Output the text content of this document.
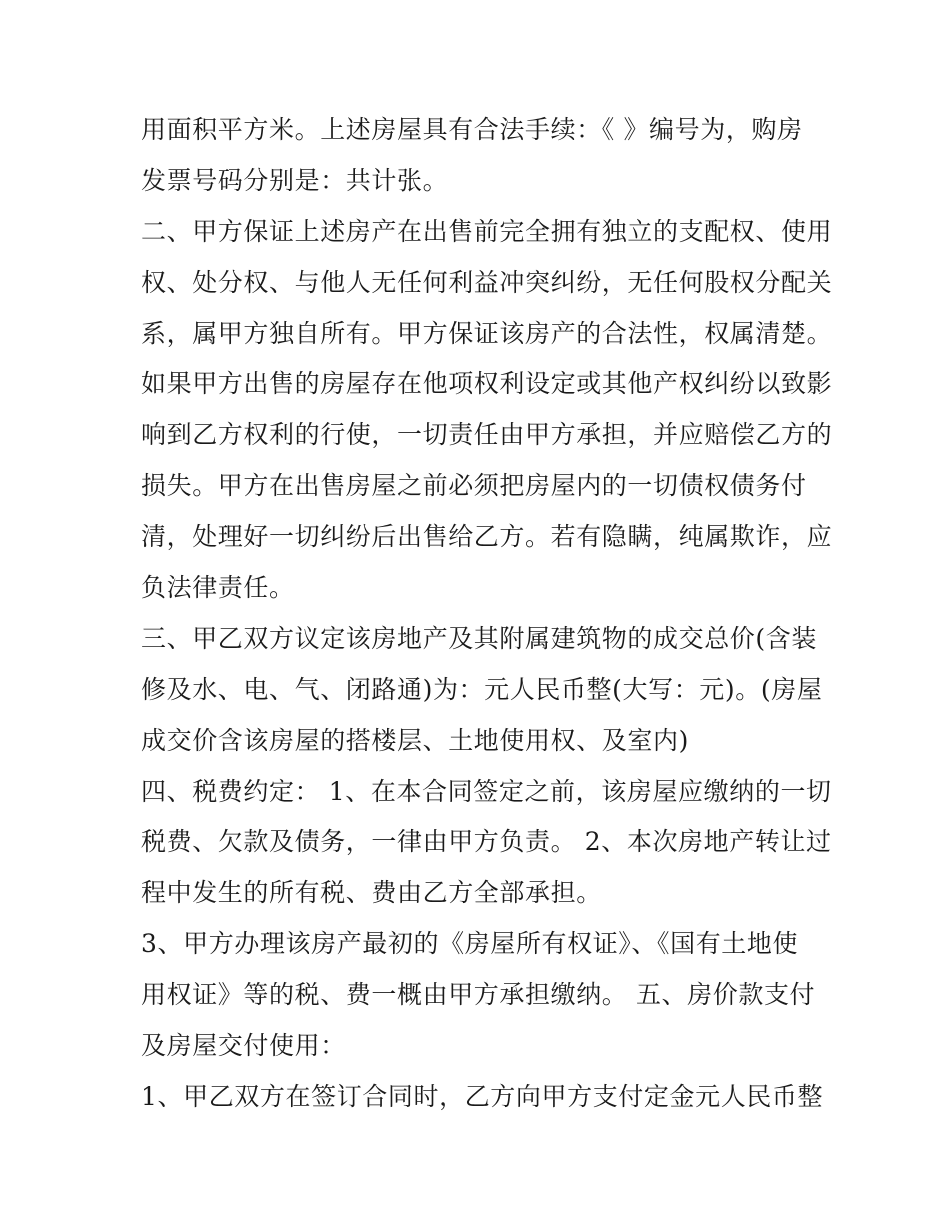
用面积平方米。上述房屋具有合法手续：《 》编号为，购房
发票号码分别是：共计张。
二、甲方保证上述房产在出售前完全拥有独立的支配权、使用
权、处分权、与他人无任何利益冲突纠纷，无任何股权分配关
系，属甲方独自所有。甲方保证该房产的合法性，权属清楚。
如果甲方出售的房屋存在他项权利设定或其他产权纠纷以致影
响到乙方权利的行使，一切责任由甲方承担，并应赔偿乙方的
损失。甲方在出售房屋之前必须把房屋内的一切债权债务付
清，处理好一切纠纷后出售给乙方。若有隐瞒，纯属欺诈，应
负法律责任。
三、甲乙双方议定该房地产及其附属建筑物的成交总价(含装
修及水、电、气、闭路通)为：元人民币整(大写：元)。(房屋
成交价含该房屋的搭楼层、土地使用权、及室内)
四、税费约定： 1、在本合同签定之前，该房屋应缴纳的一切
税费、欠款及债务，一律由甲方负责。 2、本次房地产转让过
程中发生的所有税、费由乙方全部承担。
3、甲方办理该房产最初的《房屋所有权证》、《国有土地使
用权证》等的税、费一概由甲方承担缴纳。 五、房价款支付
及房屋交付使用：
1、甲乙双方在签订合同时，乙方向甲方支付定金元人民币整
